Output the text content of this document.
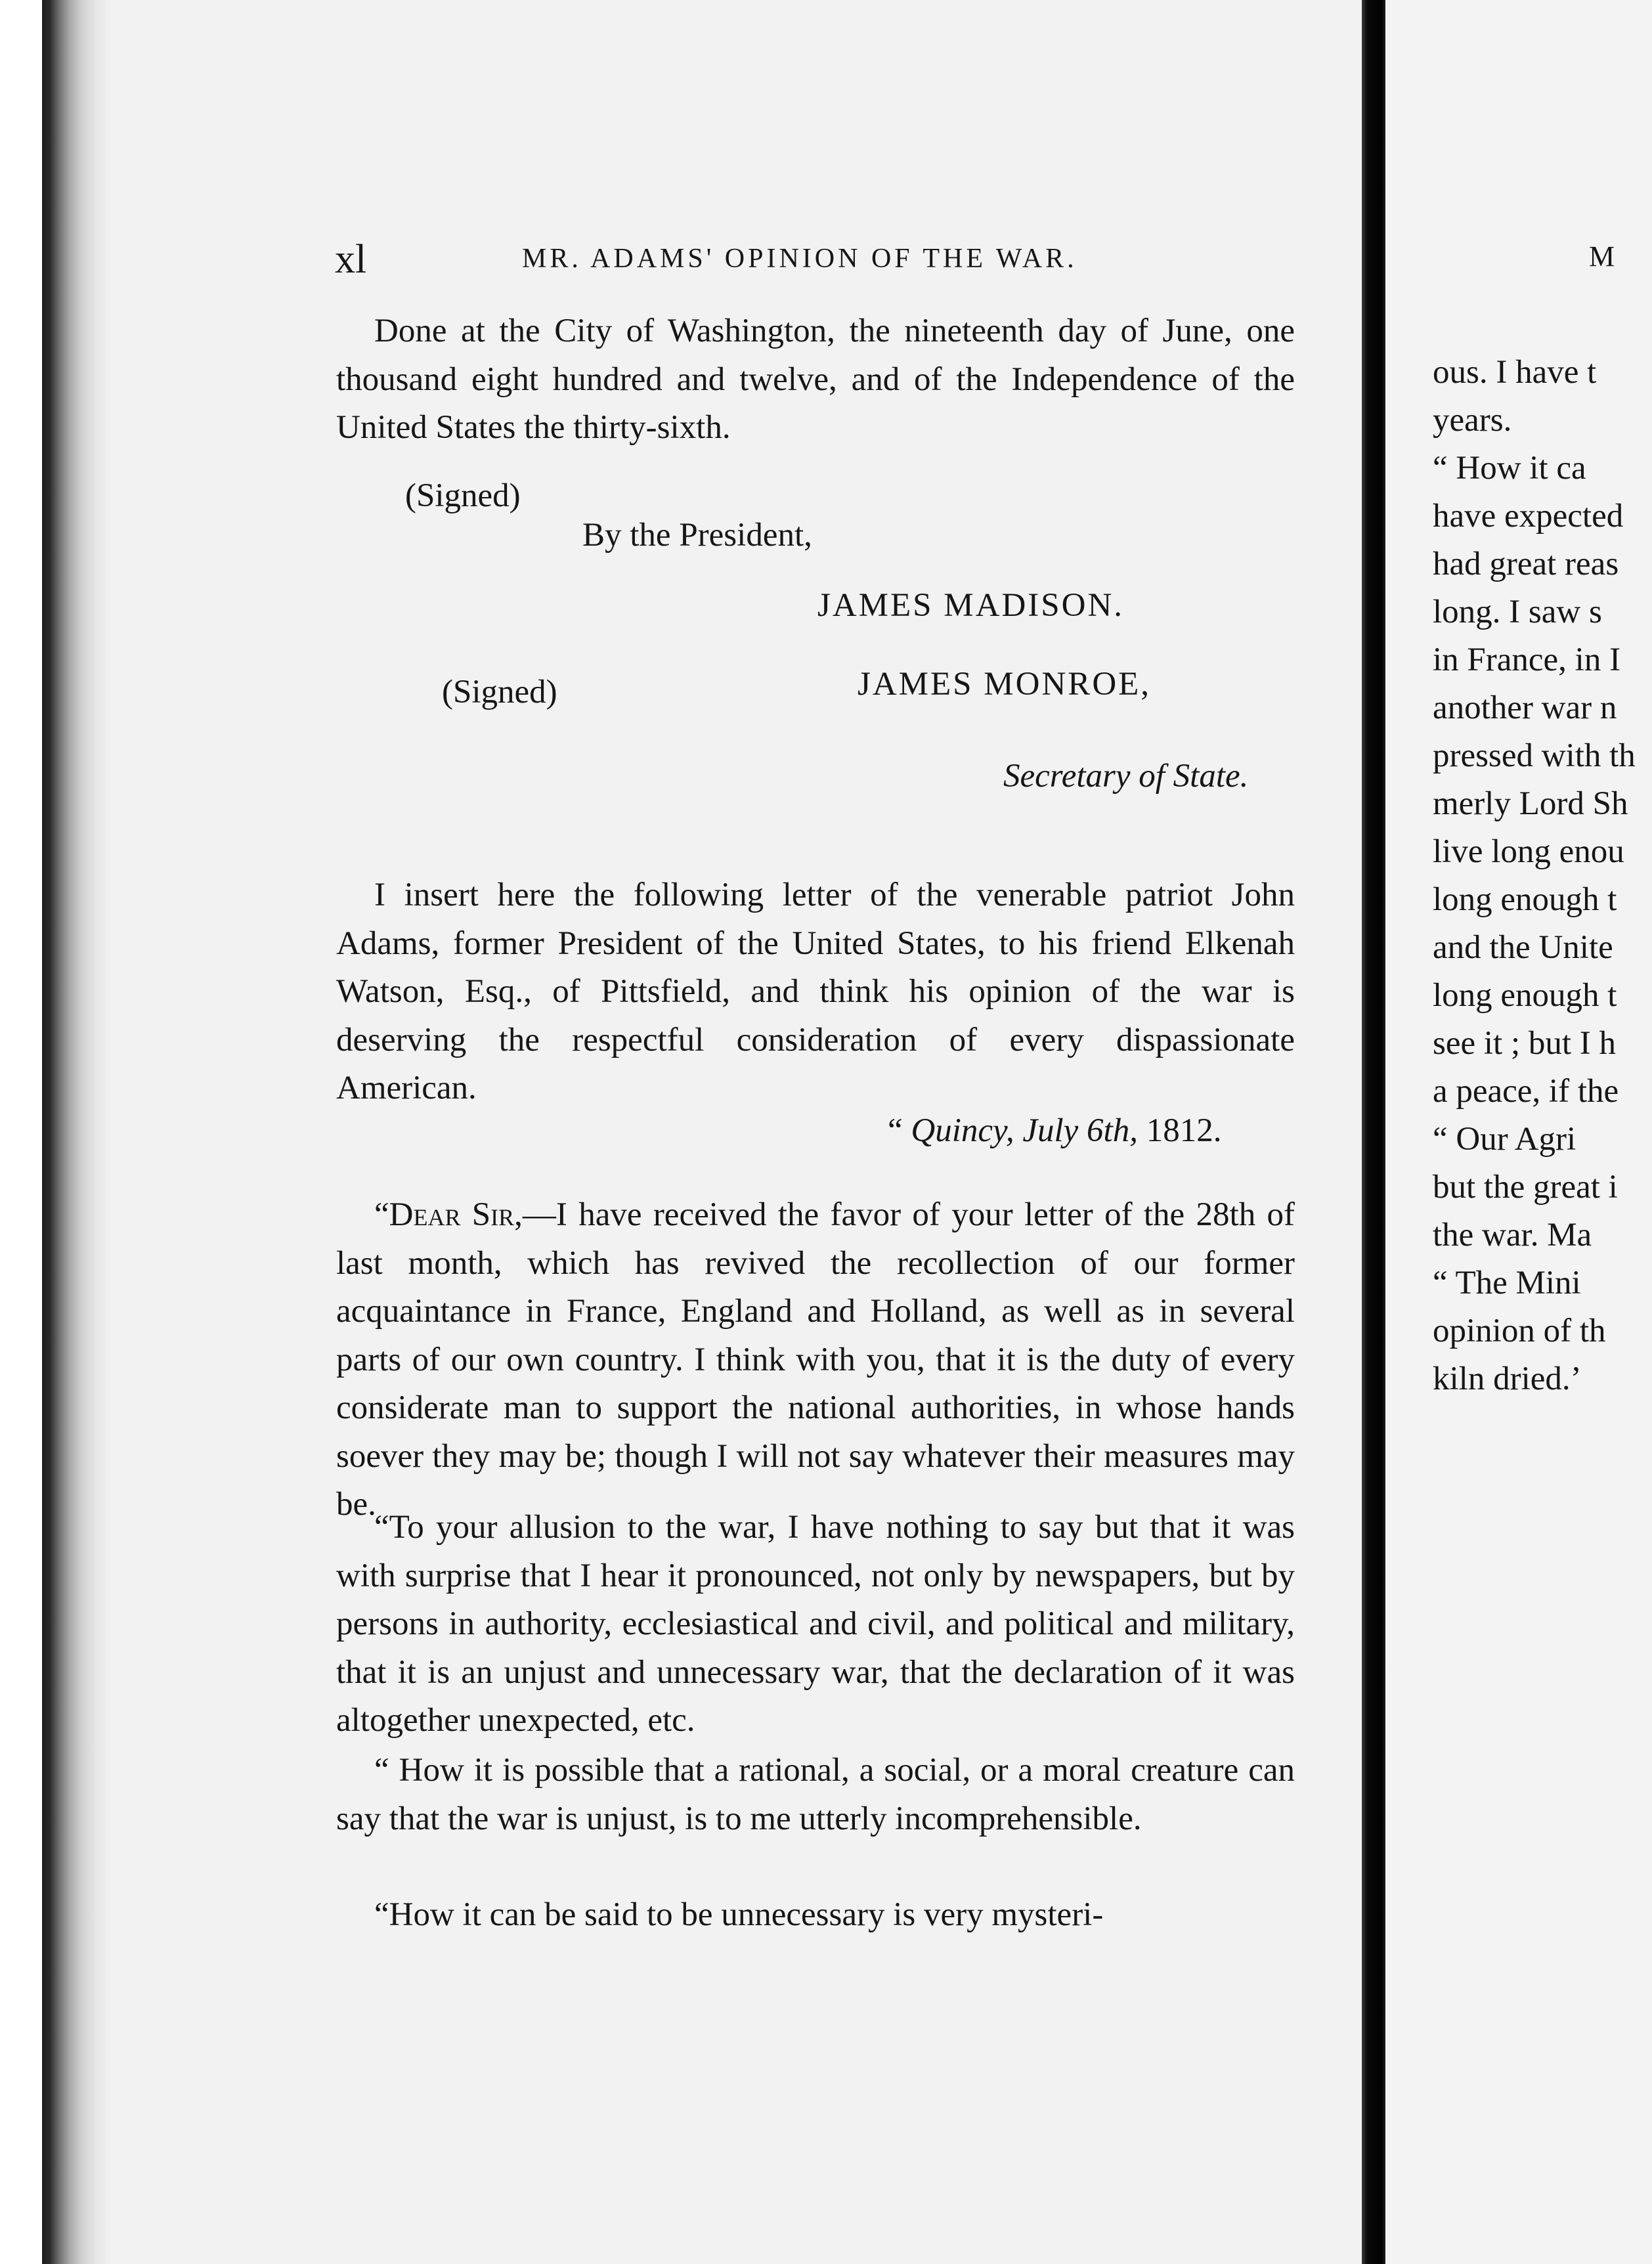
xl	MR. ADAMS' OPINION OF THE WAR.

Done at the City of Washington, the nineteenth day of June, one thousand eight hundred and twelve, and of the Independence of the United States the thirty-sixth.

(Signed)
By the President,
JAMES MADISON.
(Signed)	JAMES MONROE,
Secretary of State.

I insert here the following letter of the venerable patriot John Adams, former President of the United States, to his friend Elkenah Watson, Esq., of Pittsfield, and think his opinion of the war is deserving the respectful consideration of every dispassionate American.

“ Quincy, July 6th, 1812.

“Dear Sir,—I have received the favor of your letter of the 28th of last month, which has revived the recollection of our former acquaintance in France, England and Holland, as well as in several parts of our own country. I think with you, that it is the duty of every considerate man to support the national authorities, in whose hands soever they may be; though I will not say whatever their measures may be.

“To your allusion to the war, I have nothing to say but that it was with surprise that I hear it pronounced, not only by newspapers, but by persons in authority, ecclesiastical and civil, and political and military, that it is an unjust and unnecessary war, that the declaration of it was altogether unexpected, etc.

“ How it is possible that a rational, a social, or a moral creature can say that the war is unjust, is to me utterly incomprehensible.

“How it can be said to be unnecessary is very mysteri-

M
ous. I have t
years.
“ How it ca
have expected
had great reas
long. I saw s
in France, in I
another war n
pressed with th
merly Lord Sh
live long enou
long enough t
and the Unite
long enough t
see it ; but I h
a peace, if the
“ Our Agri
but the great i
the war. Ma
“ The Mini
opinion of th
kiln dried.’
